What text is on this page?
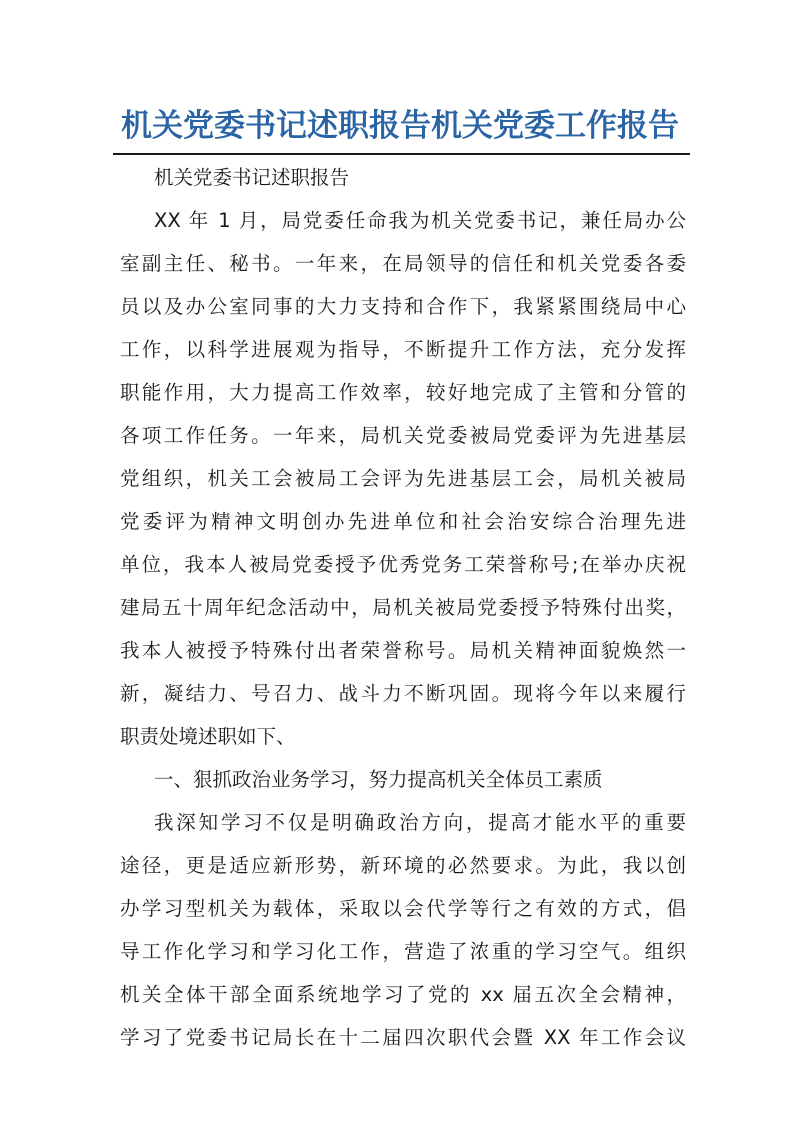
机关党委书记述职报告机关党委工作报告
机关党委书记述职报告
XX 年 1 月，局党委任命我为机关党委书记，兼任局办公
室副主任、秘书。一年来，在局领导的信任和机关党委各委
员以及办公室同事的大力支持和合作下，我紧紧围绕局中心
工作，以科学进展观为指导，不断提升工作方法，充分发挥
职能作用，大力提高工作效率，较好地完成了主管和分管的
各项工作任务。一年来，局机关党委被局党委评为先进基层
党组织，机关工会被局工会评为先进基层工会，局机关被局
党委评为精神文明创办先进单位和社会治安综合治理先进
单位，我本人被局党委授予优秀党务工荣誉称号;在举办庆祝
建局五十周年纪念活动中，局机关被局党委授予特殊付出奖，
我本人被授予特殊付出者荣誉称号。局机关精神面貌焕然一
新，凝结力、号召力、战斗力不断巩固。现将今年以来履行
职责处境述职如下、
一、狠抓政治业务学习，努力提高机关全体员工素质
我深知学习不仅是明确政治方向，提高才能水平的重要
途径，更是适应新形势，新环境的必然要求。为此，我以创
办学习型机关为载体，采取以会代学等行之有效的方式，倡
导工作化学习和学习化工作，营造了浓重的学习空气。组织
机关全体干部全面系统地学习了党的 xx 届五次全会精神，
学习了党委书记局长在十二届四次职代会暨 XX 年工作会议
